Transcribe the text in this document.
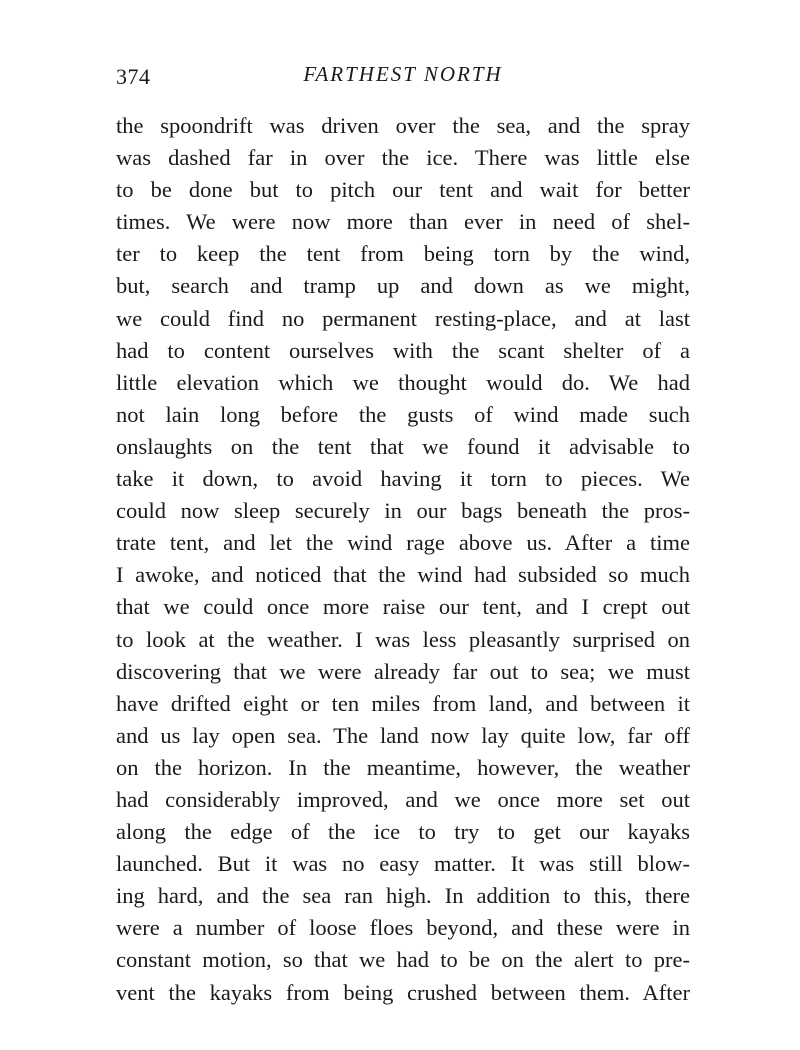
374	FARTHEST NORTH
the spoondrift was driven over the sea, and the spray
was dashed far in over the ice. There was little else
to be done but to pitch our tent and wait for better
times. We were now more than ever in need of shel-
ter to keep the tent from being torn by the wind,
but, search and tramp up and down as we might,
we could find no permanent resting-place, and at last
had to content ourselves with the scant shelter of a
little elevation which we thought would do. We had
not lain long before the gusts of wind made such
onslaughts on the tent that we found it advisable to
take it down, to avoid having it torn to pieces. We
could now sleep securely in our bags beneath the pros-
trate tent, and let the wind rage above us. After a time
I awoke, and noticed that the wind had subsided so much
that we could once more raise our tent, and I crept out
to look at the weather. I was less pleasantly surprised on
discovering that we were already far out to sea; we must
have drifted eight or ten miles from land, and between it
and us lay open sea. The land now lay quite low, far off
on the horizon. In the meantime, however, the weather
had considerably improved, and we once more set out
along the edge of the ice to try to get our kayaks
launched. But it was no easy matter. It was still blow-
ing hard, and the sea ran high. In addition to this, there
were a number of loose floes beyond, and these were in
constant motion, so that we had to be on the alert to pre-
vent the kayaks from being crushed between them. After
